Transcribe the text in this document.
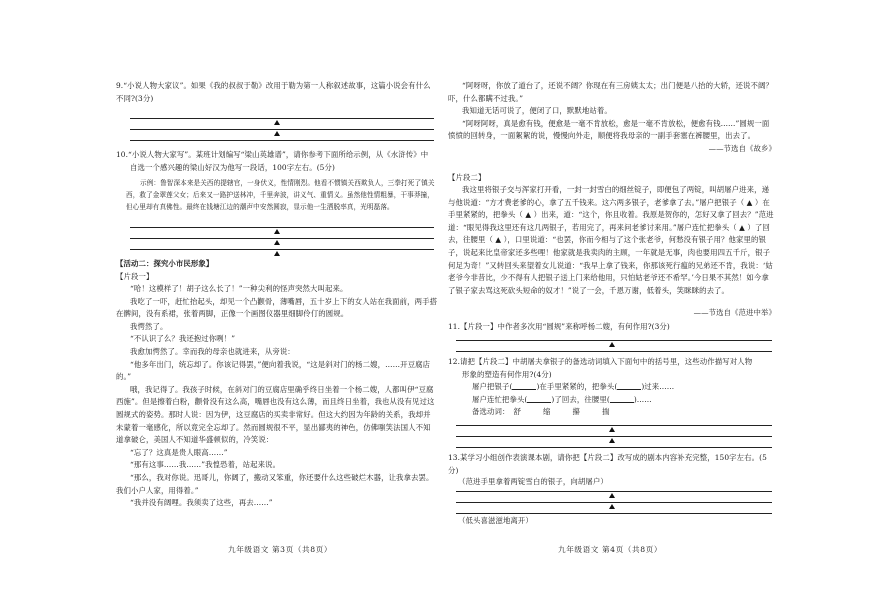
9.“小说人物大家议”。如果《我的叔叔于勒》改用于勒为第一人称叙述故事，这篇小说会有什么不同?(3分)
10.“小说人物大家写”。某班计划编写“梁山英雄谱”，请你参考下面所给示例，从《水浒传》中
自选一个感兴趣的梁山好汉为他写一段话，100字左右。(5分)
示例：鲁智深本来是关西的提辖官，一身伏义，性情刚烈。他看不惯镇关西欺负人，三拳打死了镇关西，救了金翠莲父女；后来又一路护送林冲，千里奔波，讲义气、重情义。虽然他性情粗暴，干事莽撞，但心里却有真佛性。最终在钱塘江边的潮声中安然圆寂，显示他一生洒脱率真，光明磊落。
【活动二：探究小市民形象】
【片段一】
“哈！这模样了！胡子这么长了！”一种尖利的怪声突然大叫起来。
我吃了一吓，赶忙抬起头，却见一个凸颧骨，薄嘴唇，五十岁上下的女人站在我面前，两手搭在髀间，没有系裙，张着两脚，正像一个画图仪器里细脚伶仃的圆规。
我愕然了。
“不认识了么？我还抱过你咧！”
我愈加愕然了。幸而我的母亲也就进来，从旁说：
“他多年出门，统忘却了。你该记得罢，”便向着我说，“这是斜对门的杨二嫂，……开豆腐店的。”
哦，我记得了。我孩子时候，在斜对门的豆腐店里确乎终日坐着一个杨二嫂，人都叫伊“豆腐西施”。但是擦着白粉，颧骨没有这么高，嘴唇也没有这么薄，而且终日坐着，我也从没有见过这圆规式的姿势。那时人说：因为伊，这豆腐店的买卖非常好。但这大约因为年龄的关系，我却并未蒙着一毫感化，所以竟完全忘却了。然而圆规很不平，显出鄙夷的神色，仿佛嗤笑法国人不知道拿破仑，美国人不知道华盛顿似的，冷笑说：
“忘了？这真是贵人眼高……”
“那有这事……我……”我惶恐着，站起来说。
“那么，我对你说。迅哥儿，你阔了，搬动又笨重，你还要什么这些破烂木器，让我拿去罢。我们小户人家，用得着。”
“我并没有阔哩。我须卖了这些，再去……”
九年级语文 第3页（共8页）
“阿呀呀，你放了道台了，还说不阔？你现在有三房姨太太；出门便是八抬的大轿，还说不阔？吓，什么都瞒不过我。”
我知道无话可说了，便闭了口，默默地站着。
“阿呀阿呀，真是愈有钱，便愈是一毫不肯放松，愈是一毫不肯放松，便愈有钱……”圆规一面愤愤的回转身，一面絮絮的说，慢慢向外走，顺便将我母亲的一副手套塞在裤腰里，出去了。
——节选自《故乡》
【片段二】
我这里将银子交与浑家打开看，一封一封雪白的细丝锭子，即便包了两锭，叫胡屠户进来，递与他说道：“方才费老爹的心，拿了五千钱来。这六两多银子，老爹拿了去。”屠户把银子（ ▲ ）在手里紧紧的，把拳头（ ▲ ）出来，道：“这个，你且收着。我原是贺你的，怎好又拿了回去？”范进道：“眼见得我这里还有这几两银子，若用完了，再来问老爹讨来用。”屠户连忙把拳头（ ▲ ）了回去，往腰里（ ▲ ），口里说道：“也罢，你而今相与了这个张老爷，何愁没有银子用？他家里的银子，说起来比皇帝家还多些哩！他家就是我卖肉的主顾，一年就是无事，肉也要用四五千斤，银子何足为奇！”又转回头来望着女儿说道：“我早上拿了钱来，你那该死行瘟的兄弟还不肯，我说：‘姑老爷今非昔比，少不得有人把银子送上门来给他用，只怕姑老爷还不希罕。’今日果不其然！如今拿了银子家去骂这死砍头短命的奴才！”说了一会，千恩万谢，低着头，笑眯眯的去了。
——节选自《范进中举》
11.【片段一】中作者多次用“圆规”来称呼杨二嫂，有何作用?(3分)
12.请把【片段二】中胡屠夫拿银子的备选动词填入下面句中的括号里，这些动作描写对人物
形象的塑造有何作用?(4分)
屠户把银子(	)在手里紧紧的，把拳头(	)过来……
屠户连忙把拳头(	)了回去，往腰里(	)……
备选动词： 舒	缩	攥	揣
13.某学习小组创作表演课本剧，请你把【片段二】改写成的剧本内容补充完整，150字左右。(5分)
（范进手里拿着两锭雪白的银子，向胡屠户）
（低头喜滋滋地离开）
九年级语文 第4页（共8页）
